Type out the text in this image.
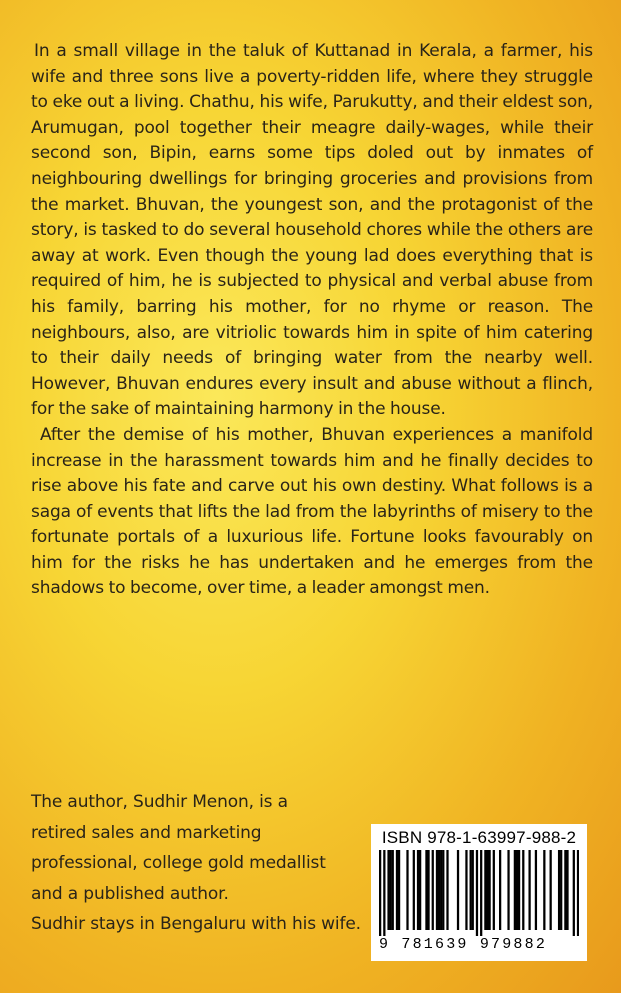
In a small village in the taluk of Kuttanad in Kerala, a farmer, his wife and three sons live a poverty-ridden life, where they struggle to eke out a living. Chathu, his wife, Parukutty, and their eldest son, Arumugan, pool together their meagre daily-wages, while their second son, Bipin, earns some tips doled out by inmates of neighbouring dwellings for bringing groceries and provisions from the market. Bhuvan, the youngest son, and the protagonist of the story, is tasked to do several household chores while the others are away at work. Even though the young lad does everything that is required of him, he is subjected to physical and verbal abuse from his family, barring his mother, for no rhyme or reason. The neighbours, also, are vitriolic towards him in spite of him catering to their daily needs of bringing water from the nearby well. However, Bhuvan endures every insult and abuse without a flinch, for the sake of maintaining harmony in the house.

After the demise of his mother, Bhuvan experiences a manifold increase in the harassment towards him and he finally decides to rise above his fate and carve out his own destiny. What follows is a saga of events that lifts the lad from the labyrinths of misery to the fortunate portals of a luxurious life. Fortune looks favourably on him for the risks he has undertaken and he emerges from the shadows to become, over time, a leader amongst men.

The author, Sudhir Menon, is a
retired sales and marketing
professional, college gold medallist
and a published author.
Sudhir stays in Bengaluru with his wife.
ISBN 978-1-63997-988-2
9 781639 979882
